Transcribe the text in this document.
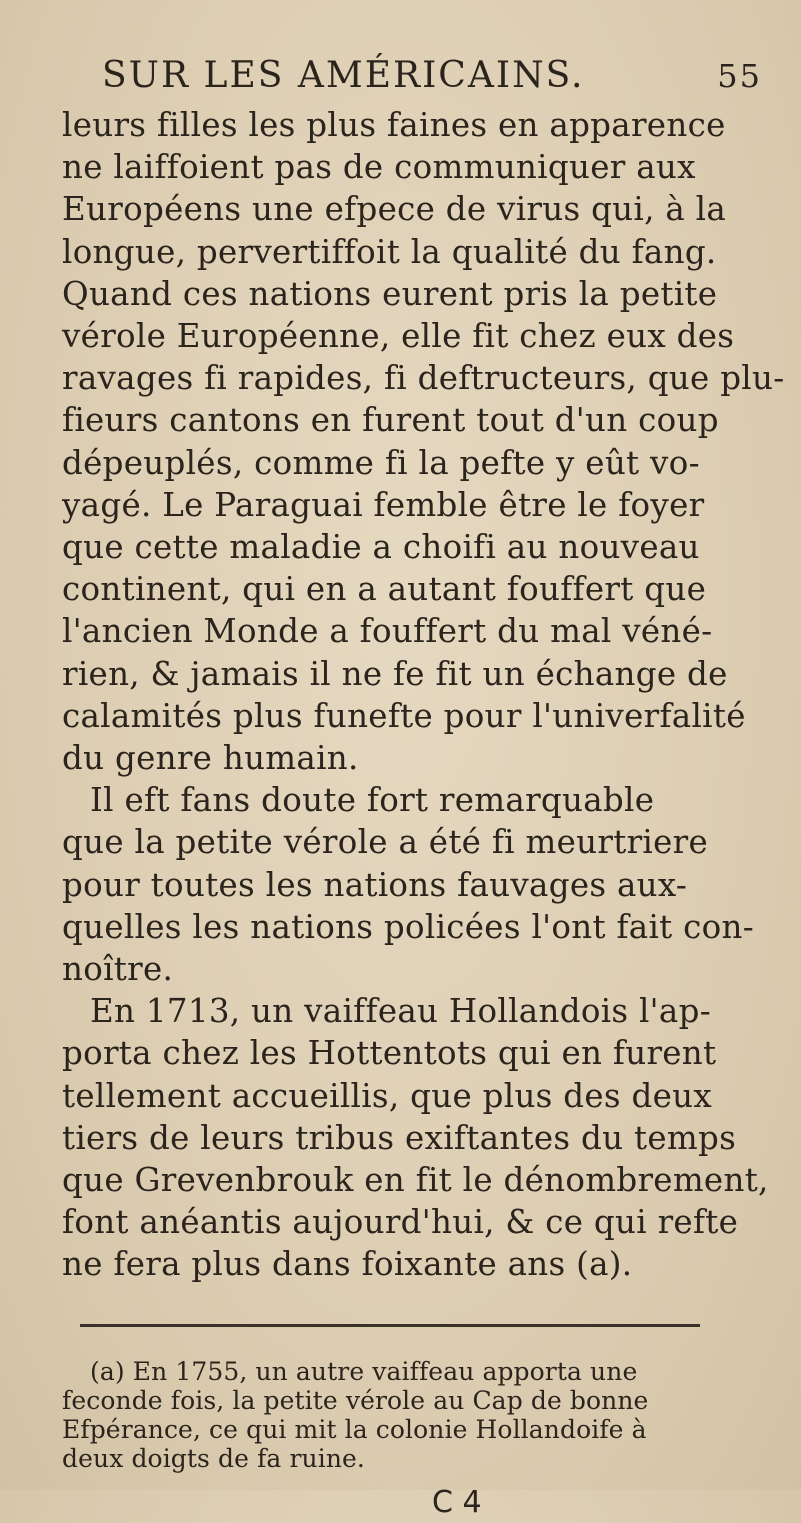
SUR LES AMÉRICAINS.	55
leurs filles les plus faines en apparence
ne laiffoient pas de communiquer aux
Européens une efpece de virus qui, à la
longue, pervertiffoit la qualité du fang.
Quand ces nations eurent pris la petite
vérole Européenne, elle fit chez eux des
ravages fi rapides, fi deftructeurs, que plu-
fieurs cantons en furent tout d'un coup
dépeuplés, comme fi la pefte y eût vo-
yagé. Le Paraguai femble être le foyer
que cette maladie a choifi au nouveau
continent, qui en a autant fouffert que
l'ancien Monde a fouffert du mal véné-
rien, & jamais il ne fe fit un échange de
calamités plus funefte pour l'univerfalité
du genre humain.
Il eft fans doute fort remarquable
que la petite vérole a été fi meurtriere
pour toutes les nations fauvages aux-
quelles les nations policées l'ont fait con-
noître.
En 1713, un vaiffeau Hollandois l'ap-
porta chez les Hottentots qui en furent
tellement accueillis, que plus des deux
tiers de leurs tribus exiftantes du temps
que Grevenbrouk en fit le dénombrement,
font anéantis aujourd'hui, & ce qui refte
ne fera plus dans foixante ans (a).
(a) En 1755, un autre vaiffeau apporta une
feconde fois, la petite vérole au Cap de bonne
Efpérance, ce qui mit la colonie Hollandoife à
deux doigts de fa ruine.
C 4
